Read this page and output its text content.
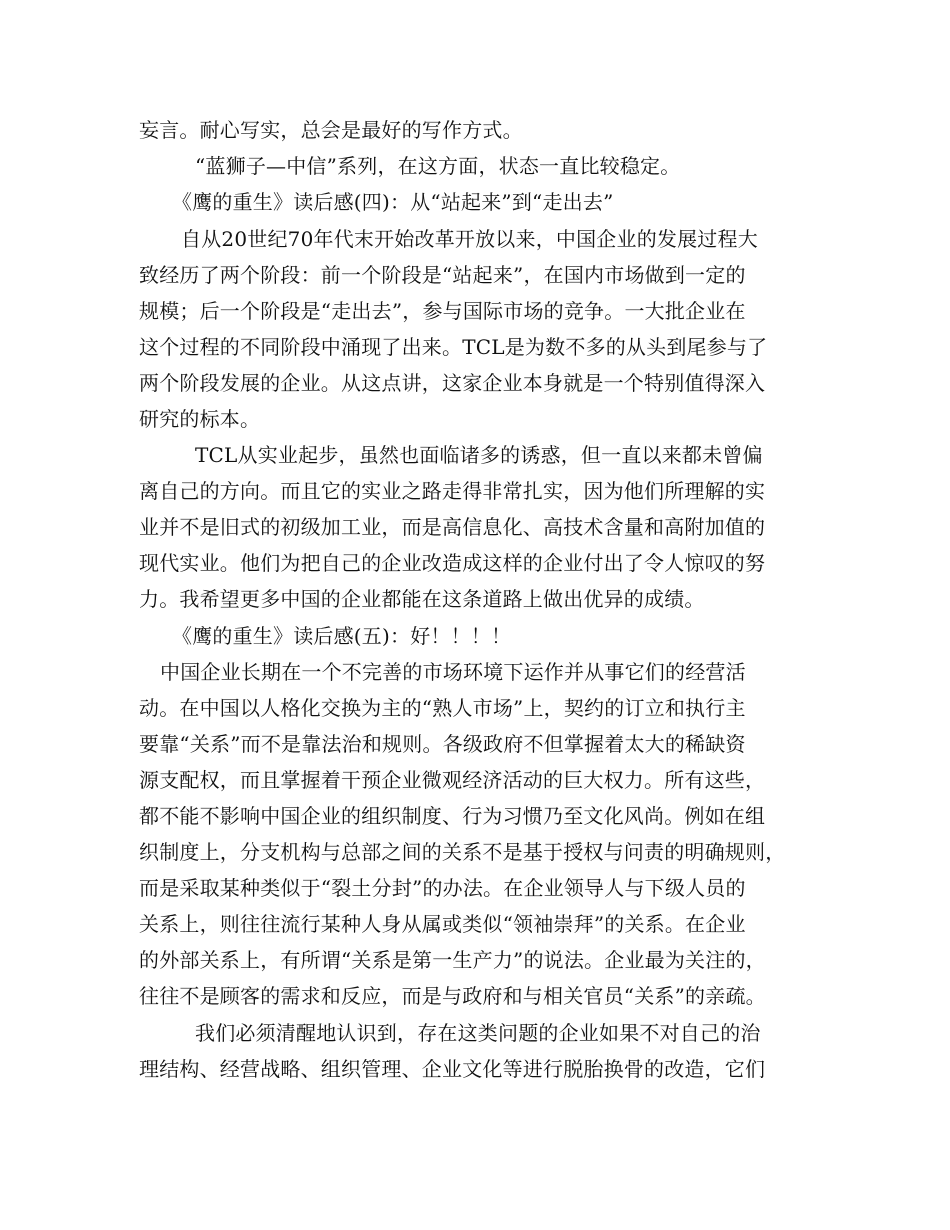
妄言。耐心写实，总会是最好的写作方式。
“蓝狮子—中信”系列，在这方面，状态一直比较稳定。
《鹰的重生》读后感(四)：从“站起来”到“走出去”
自从20世纪70年代末开始改革开放以来，中国企业的发展过程大
致经历了两个阶段：前一个阶段是“站起来”，在国内市场做到一定的
规模；后一个阶段是“走出去”，参与国际市场的竞争。一大批企业在
这个过程的不同阶段中涌现了出来。TCL是为数不多的从头到尾参与了
两个阶段发展的企业。从这点讲，这家企业本身就是一个特别值得深入
研究的标本。
TCL从实业起步，虽然也面临诸多的诱惑，但一直以来都未曾偏
离自己的方向。而且它的实业之路走得非常扎实，因为他们所理解的实
业并不是旧式的初级加工业，而是高信息化、高技术含量和高附加值的
现代实业。他们为把自己的企业改造成这样的企业付出了令人惊叹的努
力。我希望更多中国的企业都能在这条道路上做出优异的成绩。
《鹰的重生》读后感(五)：好！！！！
中国企业长期在一个不完善的市场环境下运作并从事它们的经营活
动。在中国以人格化交换为主的“熟人市场”上，契约的订立和执行主
要靠“关系”而不是靠法治和规则。各级政府不但掌握着太大的稀缺资
源支配权，而且掌握着干预企业微观经济活动的巨大权力。所有这些，
都不能不影响中国企业的组织制度、行为习惯乃至文化风尚。例如在组
织制度上，分支机构与总部之间的关系不是基于授权与问责的明确规则，
而是采取某种类似于“裂土分封”的办法。在企业领导人与下级人员的
关系上，则往往流行某种人身从属或类似“领袖崇拜”的关系。在企业
的外部关系上，有所谓“关系是第一生产力”的说法。企业最为关注的，
往往不是顾客的需求和反应，而是与政府和与相关官员“关系”的亲疏。
我们必须清醒地认识到，存在这类问题的企业如果不对自己的治
理结构、经营战略、组织管理、企业文化等进行脱胎换骨的改造，它们
